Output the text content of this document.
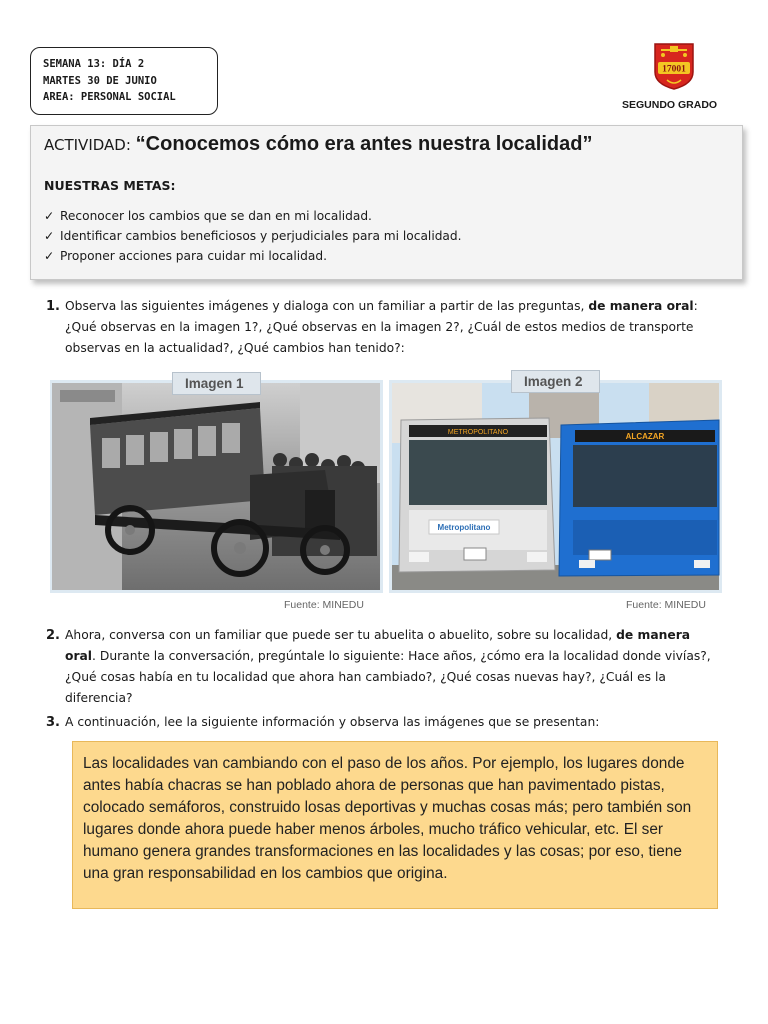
SEMANA 13: DÍA 2
MARTES 30 DE JUNIO
AREA: PERSONAL SOCIAL
17001
SEGUNDO GRADO
ACTIVIDAD: “Conocemos cómo era antes nuestra localidad”
NUESTRAS METAS:
✓ Reconocer los cambios que se dan en mi localidad.
✓ Identificar cambios beneficiosos y perjudiciales para mi localidad.
✓ Proponer acciones para cuidar mi localidad.
1. Observa las siguientes imágenes y dialoga con un familiar a partir de las preguntas, de manera oral: ¿Qué observas en la imagen 1?, ¿Qué observas en la imagen 2?, ¿Cuál de estos medios de transporte observas en la actualidad?, ¿Qué cambios han tenido?:
Imagen 1
Fuente: MINEDU
METROPOLITANO
Metropolitano
ALCAZAR
Imagen 2
Fuente: MINEDU
2. Ahora, conversa con un familiar que puede ser tu abuelita o abuelito, sobre su localidad, de manera oral. Durante la conversación, pregúntale lo siguiente: Hace años, ¿cómo era la localidad donde vivías?, ¿Qué cosas había en tu localidad que ahora han cambiado?, ¿Qué cosas nuevas hay?, ¿Cuál es la diferencia?
3. A continuación, lee la siguiente información y observa las imágenes que se presentan:
Las localidades van cambiando con el paso de los años. Por ejemplo, los lugares donde antes había chacras se han poblado ahora de personas que han pavimentado pistas, colocado semáforos, construido losas deportivas y muchas cosas más; pero también son lugares donde ahora puede haber menos árboles, mucho tráfico vehicular, etc. El ser humano genera grandes transformaciones en las localidades y las cosas; por eso, tiene una gran responsabilidad en los cambios que origina.
